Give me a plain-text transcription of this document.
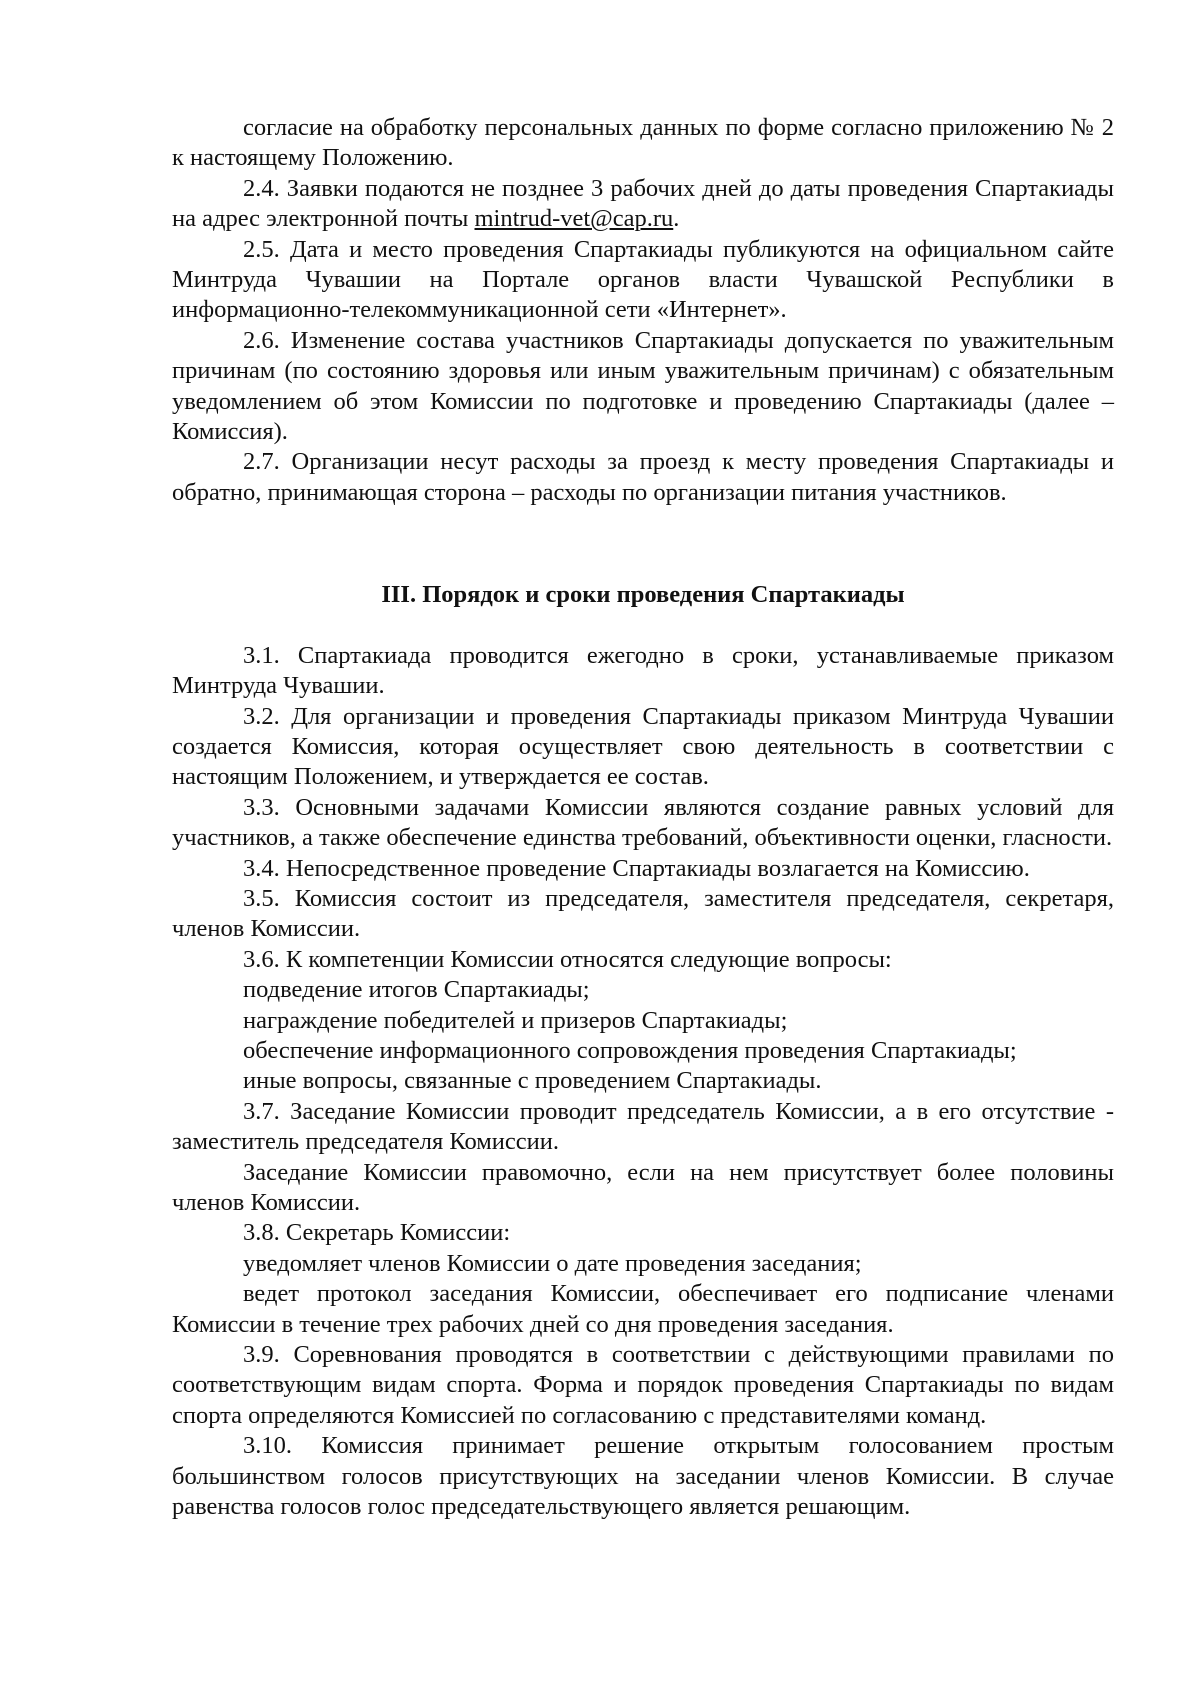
согласие на обработку персональных данных по форме согласно приложению № 2 к настоящему Положению.

2.4. Заявки подаются не позднее 3 рабочих дней до даты проведения Спартакиады на адрес электронной почты mintrud-vet@cap.ru.

2.5. Дата и место проведения Спартакиады публикуются на официальном сайте Минтруда Чувашии на Портале органов власти Чувашской Республики в информационно-телекоммуникационной сети «Интернет».

2.6. Изменение состава участников Спартакиады допускается по уважительным причинам (по состоянию здоровья или иным уважительным причинам) с обязательным уведомлением об этом Комиссии по подготовке и проведению Спартакиады (далее – Комиссия).

2.7. Организации несут расходы за проезд к месту проведения Спартакиады и обратно, принимающая сторона – расходы по организации питания участников.

III. Порядок и сроки проведения Спартакиады

3.1. Спартакиада проводится ежегодно в сроки, устанавливаемые приказом Минтруда Чувашии.

3.2. Для организации и проведения Спартакиады приказом Минтруда Чувашии создается Комиссия, которая осуществляет свою деятельность в соответствии с настоящим Положением, и утверждается ее состав.

3.3. Основными задачами Комиссии являются создание равных условий для участников, а также обеспечение единства требований, объективности оценки, гласности.

3.4. Непосредственное проведение Спартакиады возлагается на Комиссию.

3.5. Комиссия состоит из председателя, заместителя председателя, секретаря, членов Комиссии.

3.6. К компетенции Комиссии относятся следующие вопросы:

подведение итогов Спартакиады;

награждение победителей и призеров Спартакиады;

обеспечение информационного сопровождения проведения Спартакиады;

иные вопросы, связанные с проведением Спартакиады.

3.7. Заседание Комиссии проводит председатель Комиссии, а в его отсутствие - заместитель председателя Комиссии.

Заседание Комиссии правомочно, если на нем присутствует более половины членов Комиссии.

3.8. Секретарь Комиссии:

уведомляет членов Комиссии о дате проведения заседания;

ведет протокол заседания Комиссии, обеспечивает его подписание членами Комиссии в течение трех рабочих дней со дня проведения заседания.

3.9. Соревнования проводятся в соответствии с действующими правилами по соответствующим видам спорта. Форма и порядок проведения Спартакиады по видам спорта определяются Комиссией по согласованию с представителями команд.

3.10. Комиссия принимает решение открытым голосованием простым большинством голосов присутствующих на заседании членов Комиссии. В случае равенства голосов голос председательствующего является решающим.
